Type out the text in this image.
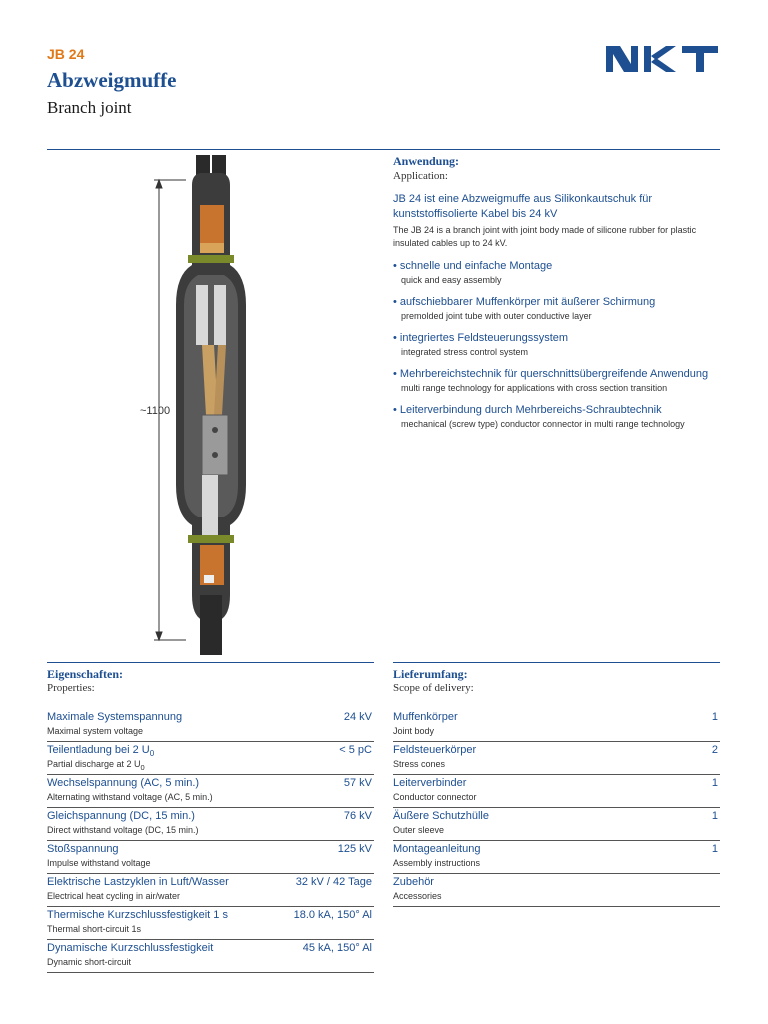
JB 24
Abzweigmuffe
Branch joint
~1100
Anwendung:
Application:
JB 24 ist eine Abzweigmuffe aus Silikonkautschuk für kunststoffisolierte Kabel bis 24 kV
The JB 24 is a branch joint with joint body made of silicone rubber for plastic insulated cables up to 24 kV.
• schnelle und einfache Montage
quick and easy assembly
• aufschiebbarer Muffenkörper mit äußerer Schirmung
premolded joint tube with outer conductive layer
• integriertes Feldsteuerungssystem
integrated stress control system
• Mehrbereichstechnik für querschnittsübergreifende Anwendung
multi range technology for applications with cross section transition
• Leiterverbindung durch Mehrbereichs-Schraubtechnik
mechanical (screw type) conductor connector in multi range technology
Eigenschaften:
Properties:
Maximale Systemspannung
Maximal system voltage
24 kV
Teilentladung bei 2 $U_0$
Partial discharge at 2 $U_0$
< 5 pC
Wechselspannung (AC, 5 min.)
Alternating withstand voltage (AC, 5 min.)
57 kV
Gleichspannung (DC, 15 min.)
Direct withstand voltage (DC, 15 min.)
76 kV
Stoßspannung
Impulse withstand voltage
125 kV
Elektrische Lastzyklen in Luft/Wasser
Electrical heat cycling in air/water
32 kV / 42 Tage
Thermische Kurzschlussfestigkeit 1 s
Thermal short-circuit 1s
18.0 kA, 150° Al
Dynamische Kurzschlussfestigkeit
Dynamic short-circuit
45 kA, 150° Al
Lieferumfang:
Scope of delivery:
Muffenkörper
Joint body
1
Feldsteuerkörper
Stress cones
2
Leiterverbinder
Conductor connector
1
Äußere Schutzhülle
Outer sleeve
1
Montageanleitung
Assembly instructions
1
Zubehör
Accessories
